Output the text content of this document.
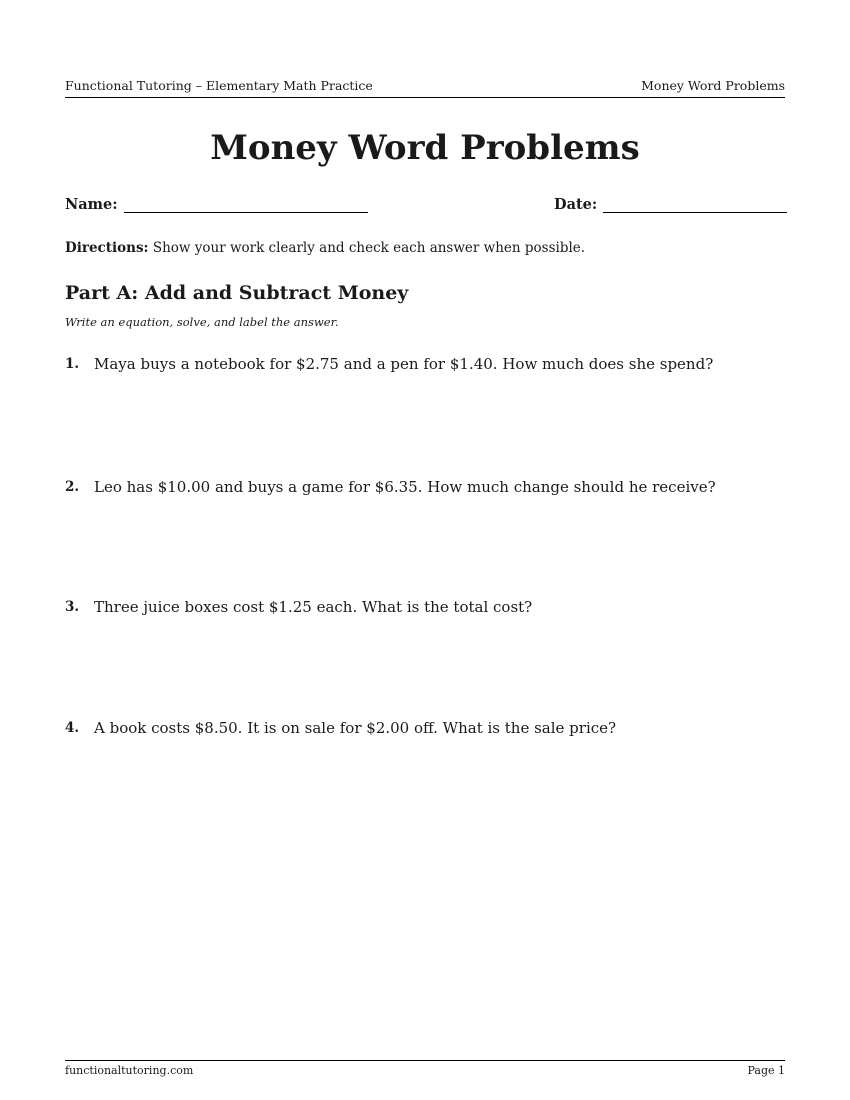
Functional Tutoring – Elementary Math Practice	Money Word Problems
Money Word Problems
Name:	Date:
Directions: Show your work clearly and check each answer when possible.
Part A: Add and Subtract Money
Write an equation, solve, and label the answer.
1. Maya buys a notebook for $2.75 and a pen for $1.40. How much does she spend?
2. Leo has $10.00 and buys a game for $6.35. How much change should he receive?
3. Three juice boxes cost $1.25 each. What is the total cost?
4. A book costs $8.50. It is on sale for $2.00 off. What is the sale price?
functionaltutoring.com	Page 1
